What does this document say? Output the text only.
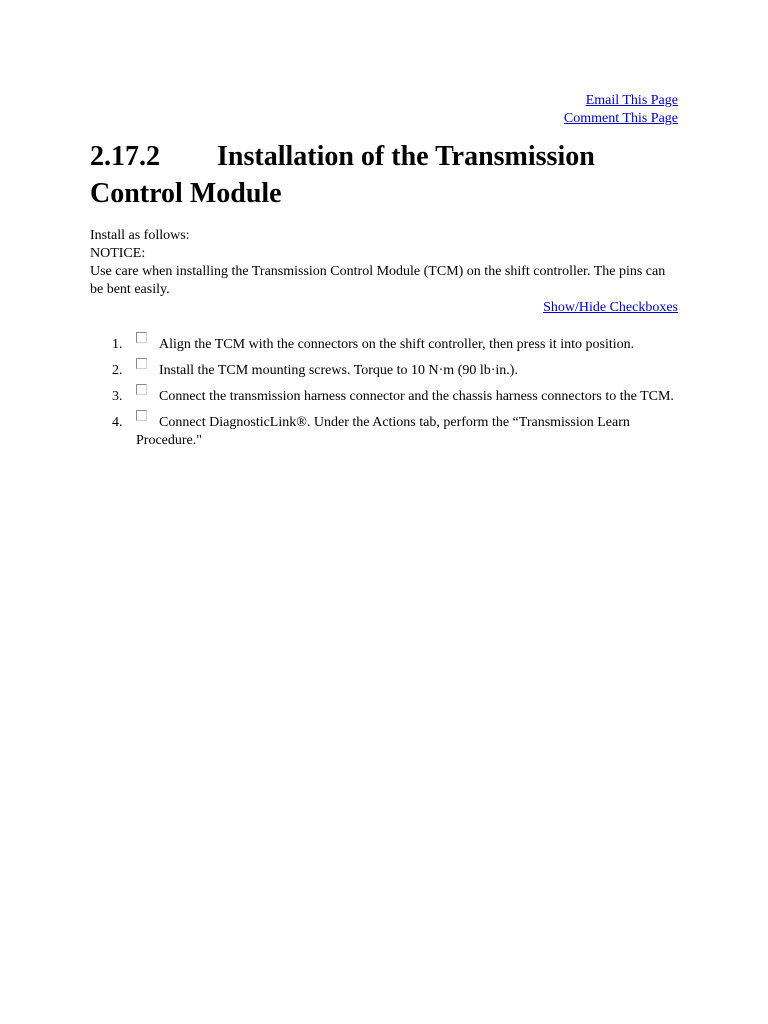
Email This Page
Comment This Page
2.17.2 Installation of the Transmission
Control Module
Install as follows:
NOTICE:
Use care when installing the Transmission Control Module (TCM) on the shift controller. The pins can be bent easily.
Show/Hide Checkboxes
1.	Align the TCM with the connectors on the shift controller, then press it into position.
2.	Install the TCM mounting screws. Torque to 10 N·m (90 lb·in.).
3.	Connect the transmission harness connector and the chassis harness connectors to the TCM.
4.	Connect DiagnosticLink®. Under the Actions tab, perform the “Transmission Learn Procedure."
